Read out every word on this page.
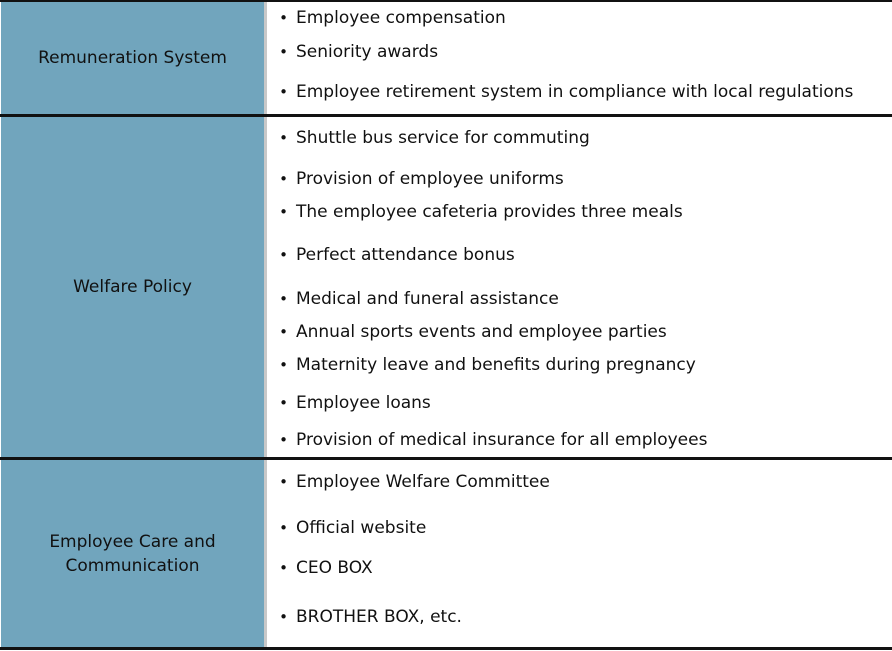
Remuneration System
• Employee compensation
• Seniority awards
• Employee retirement system in compliance with local regulations
Welfare Policy
• Shuttle bus service for commuting
• Provision of employee uniforms
• The employee cafeteria provides three meals
• Perfect attendance bonus
• Medical and funeral assistance
• Annual sports events and employee parties
• Maternity leave and benefits during pregnancy
• Employee loans
• Provision of medical insurance for all employees
Employee Care and Communication
• Employee Welfare Committee
• Official website
• CEO BOX
• BROTHER BOX, etc.
